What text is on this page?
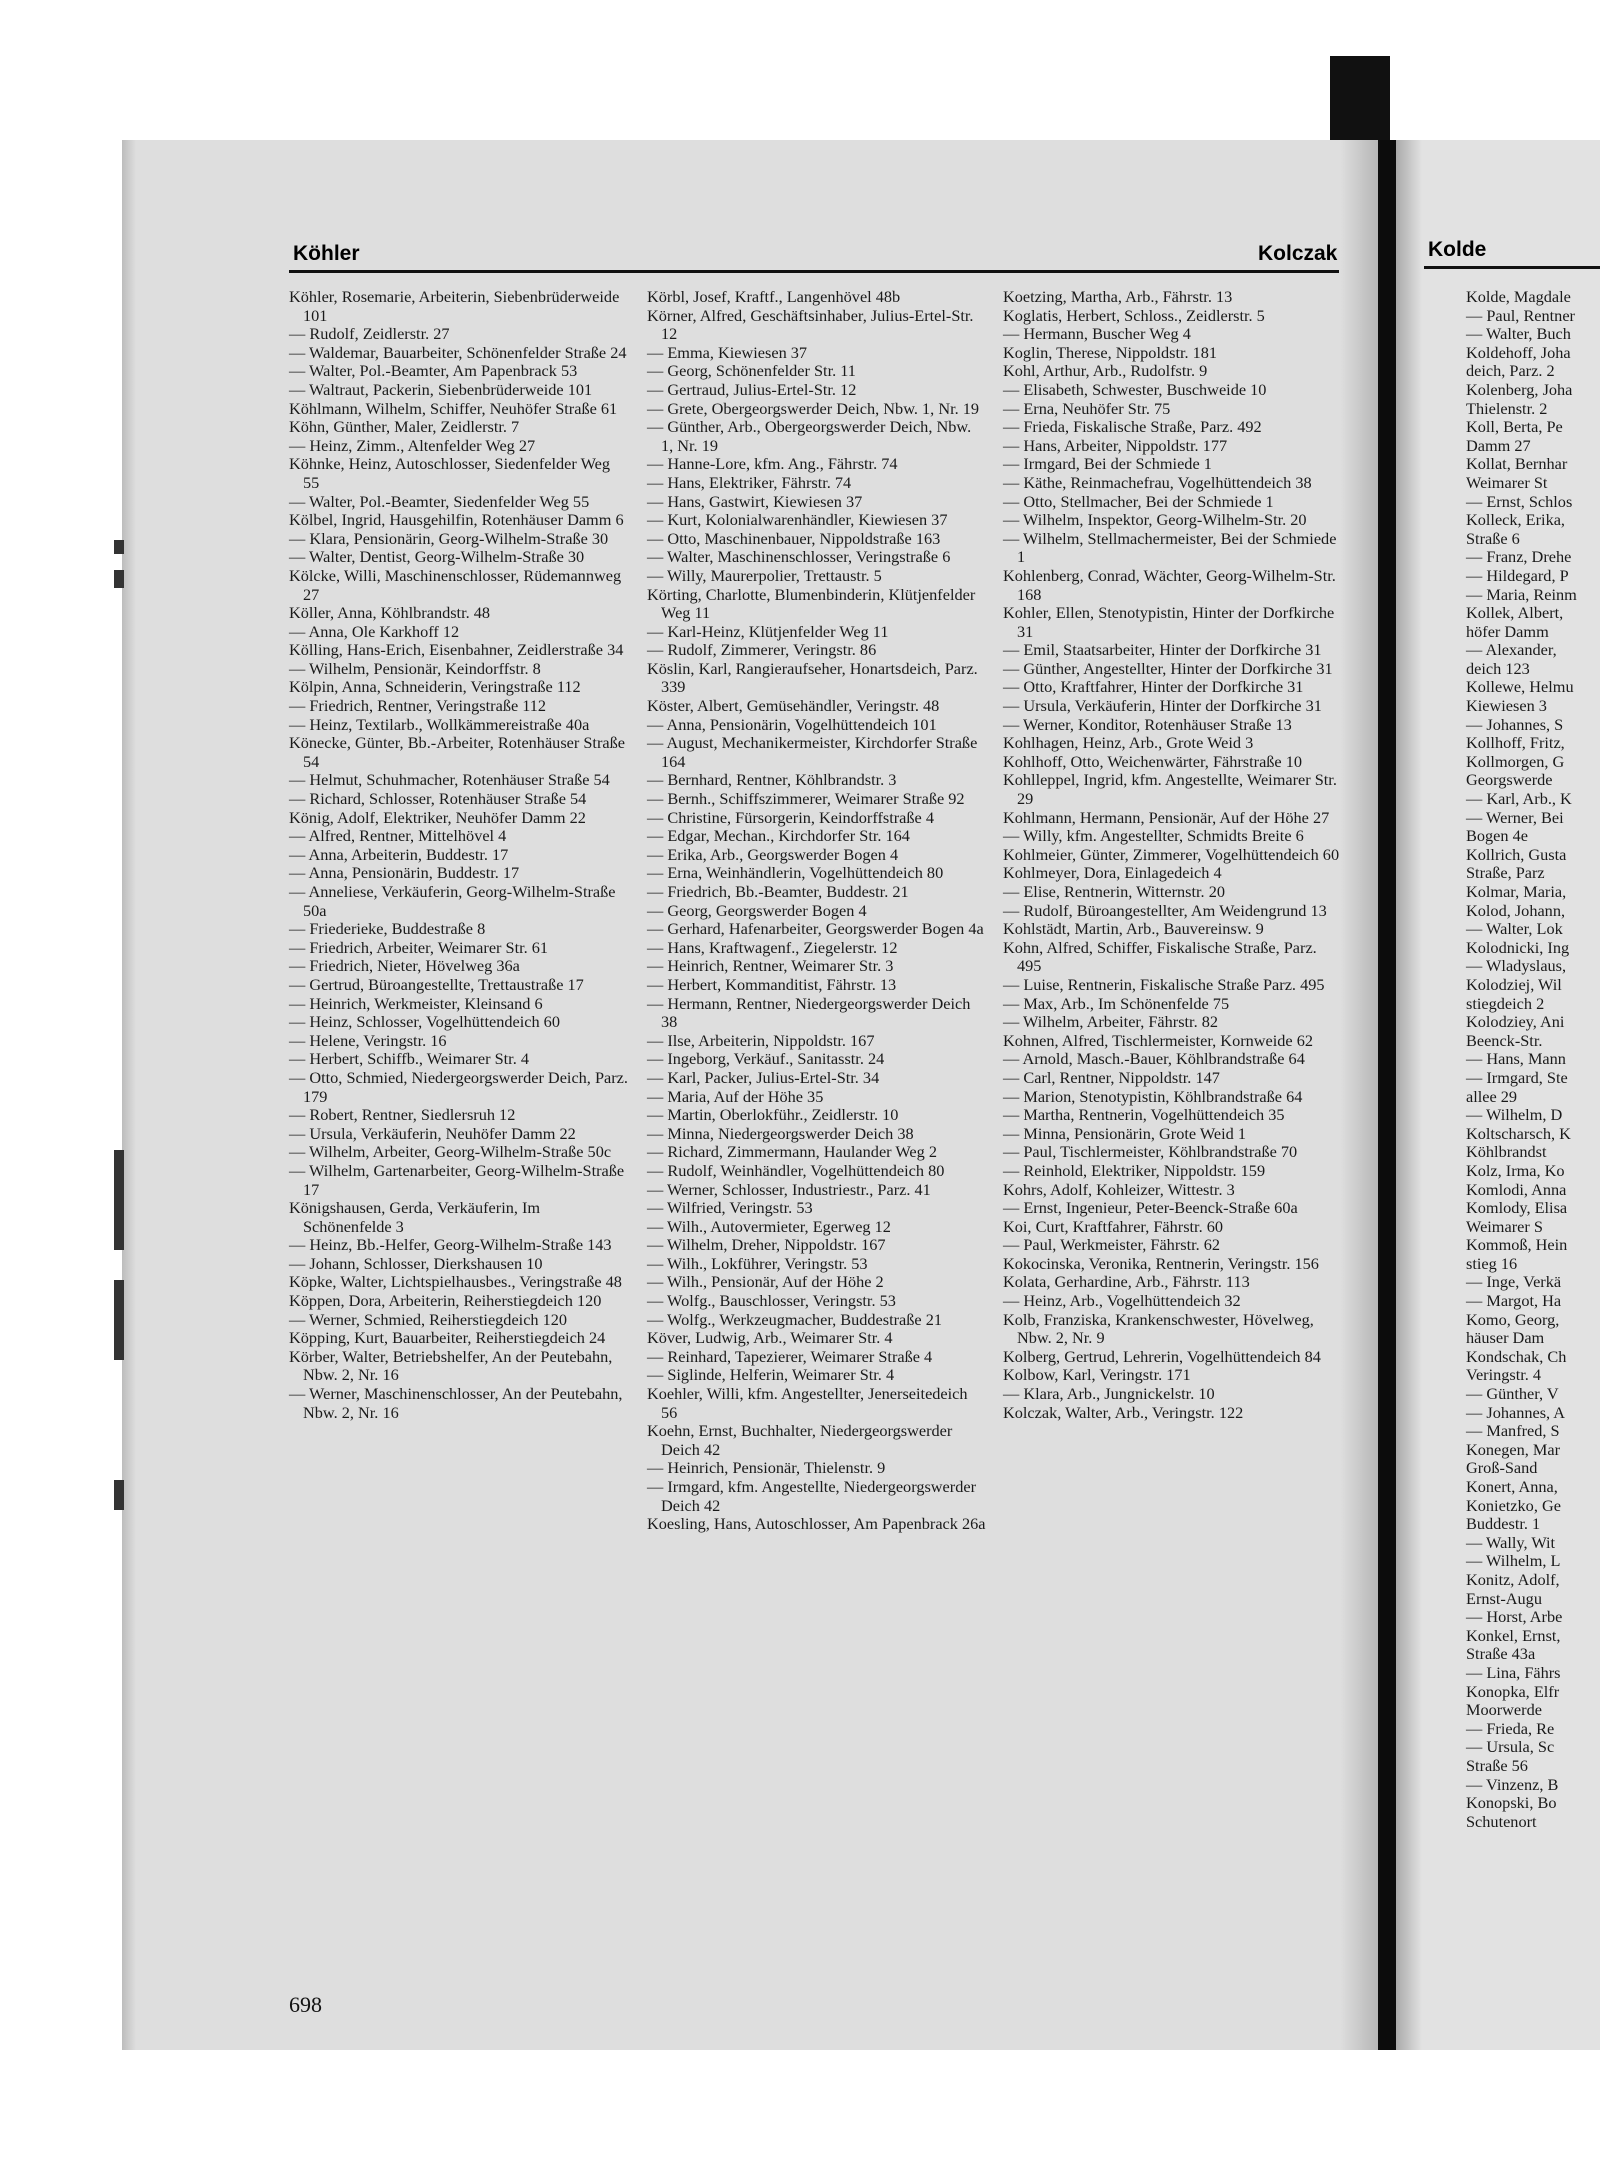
Köhler	Kolczak	Kolde
Köhler, Rosemarie, Arbeiterin, Siebenbrüderweide 101
— Rudolf, Zeidlerstr. 27
— Waldemar, Bauarbeiter, Schönenfelder Straße 24
— Walter, Pol.-Beamter, Am Papenbrack 53
— Waltraut, Packerin, Siebenbrüderweide 101
Köhlmann, Wilhelm, Schiffer, Neuhöfer Straße 61
Köhn, Günther, Maler, Zeidlerstr. 7
— Heinz, Zimm., Altenfelder Weg 27
Köhnke, Heinz, Autoschlosser, Siedenfelder Weg 55
— Walter, Pol.-Beamter, Siedenfelder Weg 55
Kölbel, Ingrid, Hausgehilfin, Rotenhäuser Damm 6
— Klara, Pensionärin, Georg-Wilhelm-Straße 30
— Walter, Dentist, Georg-Wilhelm-Straße 30
Kölcke, Willi, Maschinenschlosser, Rüdemannweg 27
Köller, Anna, Köhlbrandstr. 48
— Anna, Ole Karkhoff 12
Kölling, Hans-Erich, Eisenbahner, Zeidlerstraße 34
— Wilhelm, Pensionär, Keindorffstr. 8
Kölpin, Anna, Schneiderin, Veringstraße 112
— Friedrich, Rentner, Veringstraße 112
— Heinz, Textilarb., Wollkämmereistraße 40a
Könecke, Günter, Bb.-Arbeiter, Rotenhäuser Straße 54
— Helmut, Schuhmacher, Rotenhäuser Straße 54
— Richard, Schlosser, Rotenhäuser Straße 54
König, Adolf, Elektriker, Neuhöfer Damm 22
— Alfred, Rentner, Mittelhövel 4
— Anna, Arbeiterin, Buddestr. 17
— Anna, Pensionärin, Buddestr. 17
— Anneliese, Verkäuferin, Georg-Wilhelm-Straße 50a
— Friederieke, Buddestraße 8
— Friedrich, Arbeiter, Weimarer Str. 61
— Friedrich, Nieter, Hövelweg 36a
— Gertrud, Büroangestellte, Trettaustraße 17
— Heinrich, Werkmeister, Kleinsand 6
— Heinz, Schlosser, Vogelhüttendeich 60
— Helene, Veringstr. 16
— Herbert, Schiffb., Weimarer Str. 4
— Otto, Schmied, Niedergeorgswerder Deich, Parz. 179
— Robert, Rentner, Siedlersruh 12
— Ursula, Verkäuferin, Neuhöfer Damm 22
— Wilhelm, Arbeiter, Georg-Wilhelm-Straße 50c
— Wilhelm, Gartenarbeiter, Georg-Wilhelm-Straße 17
Königshausen, Gerda, Verkäuferin, Im Schönenfelde 3
— Heinz, Bb.-Helfer, Georg-Wilhelm-Straße 143
— Johann, Schlosser, Dierkshausen 10
Köpke, Walter, Lichtspielhausbes., Veringstraße 48
Köppen, Dora, Arbeiterin, Reiherstiegdeich 120
— Werner, Schmied, Reiherstiegdeich 120
Köpping, Kurt, Bauarbeiter, Reiherstiegdeich 24
Körber, Walter, Betriebshelfer, An der Peutebahn, Nbw. 2, Nr. 16
— Werner, Maschinenschlosser, An der Peutebahn, Nbw. 2, Nr. 16
Körbl, Josef, Kraftf., Langenhövel 48b
Körner, Alfred, Geschäftsinhaber, Julius-Ertel-Str. 12
— Emma, Kiewiesen 37
— Georg, Schönenfelder Str. 11
— Gertraud, Julius-Ertel-Str. 12
— Grete, Obergeorgswerder Deich, Nbw. 1, Nr. 19
— Günther, Arb., Obergeorgswerder Deich, Nbw. 1, Nr. 19
— Hanne-Lore, kfm. Ang., Fährstr. 74
— Hans, Elektriker, Fährstr. 74
— Hans, Gastwirt, Kiewiesen 37
— Kurt, Kolonialwarenhändler, Kiewiesen 37
— Otto, Maschinenbauer, Nippoldstraße 163
— Walter, Maschinenschlosser, Veringstraße 6
— Willy, Maurerpolier, Trettaustr. 5
Körting, Charlotte, Blumenbinderin, Klütjenfelder Weg 11
— Karl-Heinz, Klütjenfelder Weg 11
— Rudolf, Zimmerer, Veringstr. 86
Köslin, Karl, Rangieraufseher, Honartsdeich, Parz. 339
Köster, Albert, Gemüsehändler, Veringstr. 48
— Anna, Pensionärin, Vogelhüttendeich 101
— August, Mechanikermeister, Kirchdorfer Straße 164
— Bernhard, Rentner, Köhlbrandstr. 3
— Bernh., Schiffszimmerer, Weimarer Straße 92
— Christine, Fürsorgerin, Keindorffstraße 4
— Edgar, Mechan., Kirchdorfer Str. 164
— Erika, Arb., Georgswerder Bogen 4
— Erna, Weinhändlerin, Vogelhüttendeich 80
— Friedrich, Bb.-Beamter, Buddestr. 21
— Georg, Georgswerder Bogen 4
— Gerhard, Hafenarbeiter, Georgswerder Bogen 4a
— Hans, Kraftwagenf., Ziegelerstr. 12
— Heinrich, Rentner, Weimarer Str. 3
— Herbert, Kommanditist, Fährstr. 13
— Hermann, Rentner, Niedergeorgswerder Deich 38
— Ilse, Arbeiterin, Nippoldstr. 167
— Ingeborg, Verkäuf., Sanitasstr. 24
— Karl, Packer, Julius-Ertel-Str. 34
— Maria, Auf der Höhe 35
— Martin, Oberlokführ., Zeidlerstr. 10
— Minna, Niedergeorgswerder Deich 38
— Richard, Zimmermann, Haulander Weg 2
— Rudolf, Weinhändler, Vogelhüttendeich 80
— Werner, Schlosser, Industriestr., Parz. 41
— Wilfried, Veringstr. 53
— Wilh., Autovermieter, Egerweg 12
— Wilhelm, Dreher, Nippoldstr. 167
— Wilh., Lokführer, Veringstr. 53
— Wilh., Pensionär, Auf der Höhe 2
— Wolfg., Bauschlosser, Veringstr. 53
— Wolfg., Werkzeugmacher, Buddestraße 21
Köver, Ludwig, Arb., Weimarer Str. 4
— Reinhard, Tapezierer, Weimarer Straße 4
— Siglinde, Helferin, Weimarer Str. 4
Koehler, Willi, kfm. Angestellter, Jenerseitedeich 56
Koehn, Ernst, Buchhalter, Niedergeorgswerder Deich 42
— Heinrich, Pensionär, Thielenstr. 9
— Irmgard, kfm. Angestellte, Niedergeorgswerder Deich 42
Koesling, Hans, Autoschlosser, Am Papenbrack 26a
Koetzing, Martha, Arb., Fährstr. 13
Koglatis, Herbert, Schloss., Zeidlerstr. 5
— Hermann, Buscher Weg 4
Koglin, Therese, Nippoldstr. 181
Kohl, Arthur, Arb., Rudolfstr. 9
— Elisabeth, Schwester, Buschweide 10
— Erna, Neuhöfer Str. 75
— Frieda, Fiskalische Straße, Parz. 492
— Hans, Arbeiter, Nippoldstr. 177
— Irmgard, Bei der Schmiede 1
— Käthe, Reinmachefrau, Vogelhüttendeich 38
— Otto, Stellmacher, Bei der Schmiede 1
— Wilhelm, Inspektor, Georg-Wilhelm-Str. 20
— Wilhelm, Stellmachermeister, Bei der Schmiede 1
Kohlenberg, Conrad, Wächter, Georg-Wilhelm-Str. 168
Kohler, Ellen, Stenotypistin, Hinter der Dorfkirche 31
— Emil, Staatsarbeiter, Hinter der Dorfkirche 31
— Günther, Angestellter, Hinter der Dorfkirche 31
— Otto, Kraftfahrer, Hinter der Dorfkirche 31
— Ursula, Verkäuferin, Hinter der Dorfkirche 31
— Werner, Konditor, Rotenhäuser Straße 13
Kohlhagen, Heinz, Arb., Grote Weid 3
Kohlhoff, Otto, Weichenwärter, Fährstraße 10
Kohlleppel, Ingrid, kfm. Angestellte, Weimarer Str. 29
Kohlmann, Hermann, Pensionär, Auf der Höhe 27
— Willy, kfm. Angestellter, Schmidts Breite 6
Kohlmeier, Günter, Zimmerer, Vogelhüttendeich 60
Kohlmeyer, Dora, Einlagedeich 4
— Elise, Rentnerin, Witternstr. 20
— Rudolf, Büroangestellter, Am Weidengrund 13
Kohlstädt, Martin, Arb., Bauvereinsw. 9
Kohn, Alfred, Schiffer, Fiskalische Straße, Parz. 495
— Luise, Rentnerin, Fiskalische Straße Parz. 495
— Max, Arb., Im Schönenfelde 75
— Wilhelm, Arbeiter, Fährstr. 82
Kohnen, Alfred, Tischlermeister, Kornweide 62
— Arnold, Masch.-Bauer, Köhlbrandstraße 64
— Carl, Rentner, Nippoldstr. 147
— Marion, Stenotypistin, Köhlbrandstraße 64
— Martha, Rentnerin, Vogelhüttendeich 35
— Minna, Pensionärin, Grote Weid 1
— Paul, Tischlermeister, Köhlbrandstraße 70
— Reinhold, Elektriker, Nippoldstr. 159
Kohrs, Adolf, Kohleizer, Wittestr. 3
— Ernst, Ingenieur, Peter-Beenck-Straße 60a
Koi, Curt, Kraftfahrer, Fährstr. 60
— Paul, Werkmeister, Fährstr. 62
Kokocinska, Veronika, Rentnerin, Veringstr. 156
Kolata, Gerhardine, Arb., Fährstr. 113
— Heinz, Arb., Vogelhüttendeich 32
Kolb, Franziska, Krankenschwester, Hövelweg, Nbw. 2, Nr. 9
Kolberg, Gertrud, Lehrerin, Vogelhüttendeich 84
Kolbow, Karl, Veringstr. 171
— Klara, Arb., Jungnickelstr. 10
Kolczak, Walter, Arb., Veringstr. 122
Kolde, Magdale
— Paul, Rentner
— Walter, Buch
Koldehoff, Joha
deich, Parz. 2
Kolenberg, Joha
Thielenstr. 2
Koll, Berta, Pe
Damm 27
Kollat, Bernhar
Weimarer St
— Ernst, Schlos
Kolleck, Erika,
Straße 6
— Franz, Drehe
— Hildegard, P
— Maria, Reinm
Kollek, Albert,
höfer Damm
— Alexander,
deich 123
Kollewe, Helmu
Kiewiesen 3
— Johannes, S
Kollhoff, Fritz,
Kollmorgen, G
Georgswerde
— Karl, Arb., K
— Werner, Bei
Bogen 4e
Kollrich, Gusta
Straße, Parz
Kolmar, Maria,
Kolod, Johann,
— Walter, Lok
Kolodnicki, Ing
— Wladyslaus,
Kolodziej, Wil
stiegdeich 2
Kolodziey, Ani
Beenck-Str.
— Hans, Mann
— Irmgard, Ste
allee 29
— Wilhelm, D
Koltscharsch, K
Köhlbrandst
Kolz, Irma, Ko
Komlodi, Anna
Komlody, Elisa
Weimarer S
Kommoß, Hein
stieg 16
— Inge, Verkä
— Margot, Ha
Komo, Georg,
häuser Dam
Kondschak, Ch
Veringstr. 4
— Günther, V
— Johannes, A
— Manfred, S
Konegen, Mar
Groß-Sand
Konert, Anna,
Konietzko, Ge
Buddestr. 1
— Wally, Wit
— Wilhelm, L
Konitz, Adolf,
Ernst-Augu
— Horst, Arbe
Konkel, Ernst,
Straße 43a
— Lina, Fährs
Konopka, Elfr
Moorwerde
— Frieda, Re
— Ursula, Sc
Straße 56
— Vinzenz, B
Konopski, Bo
Schutenort
698
